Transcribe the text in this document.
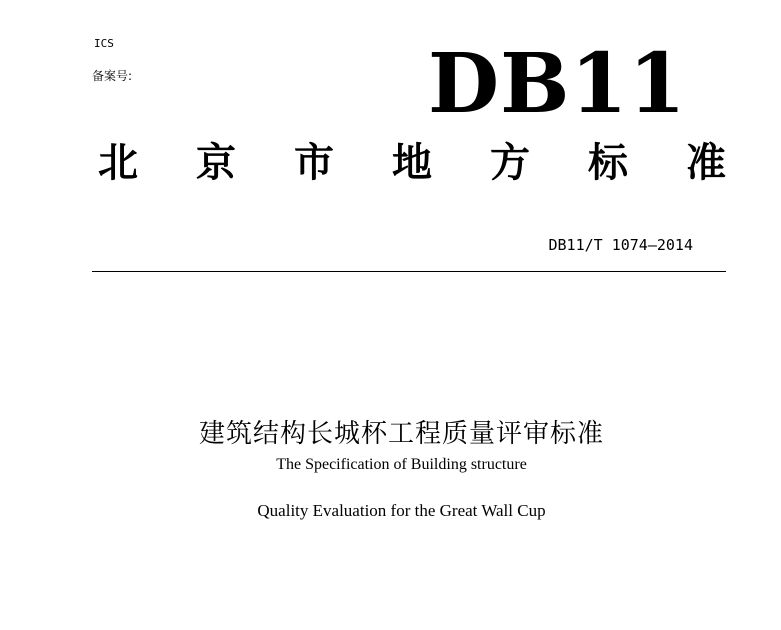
ICS
备案号:	DB11
北 京 市 地 方 标 准
DB11/T 1074—2014
建筑结构长城杯工程质量评审标准
The Specification of Building structure
Quality Evaluation for the Great Wall Cup
